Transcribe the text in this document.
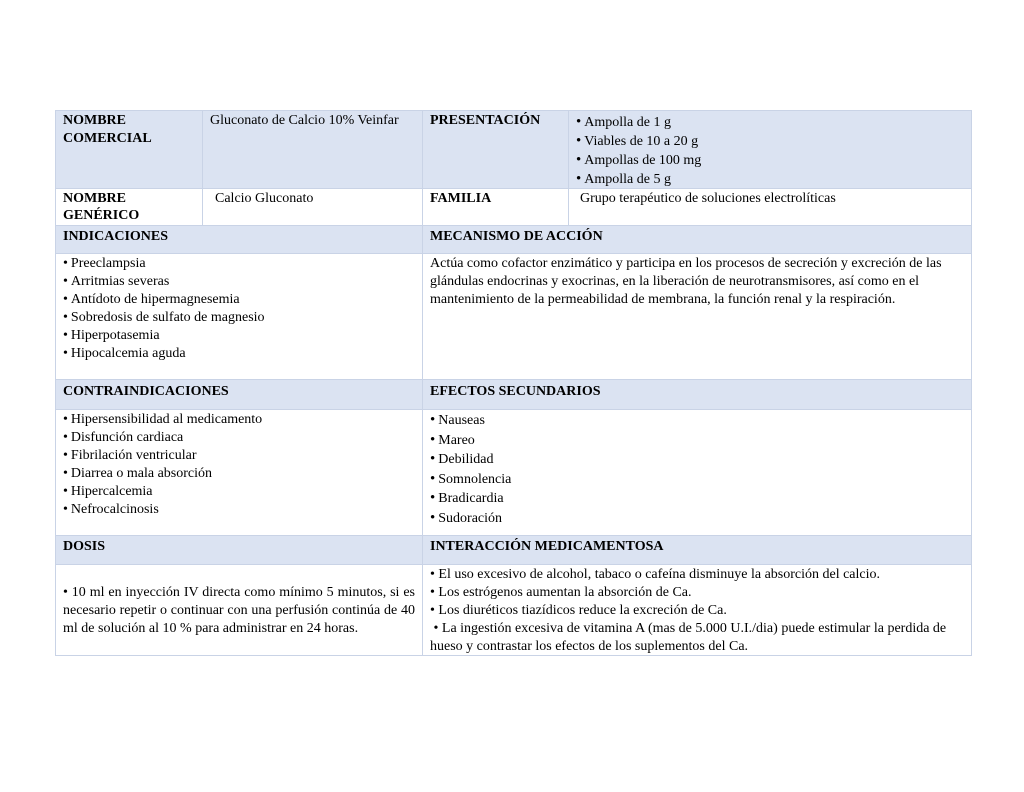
NOMBRE COMERCIAL
Gluconato de Calcio 10% Veinfar	PRESENTACIÓN
•	Ampolla de 1 g
• Viables de 10 a 20 g
• Ampollas de 100 mg
• Ampolla de 5 g
NOMBRE GENÉRICO
Calcio Gluconato	FAMILIA	Grupo terapéutico de soluciones electrolíticas
INDICACIONES	MECANISMO DE ACCIÓN
• Preeclampsia
• Arritmias severas
• Antídoto de hipermagnesemia
• Sobredosis de sulfato de magnesio
• Hiperpotasemia
• Hipocalcemia aguda
Actúa como cofactor enzimático y participa en los procesos de secreción y excreción de las glándulas endocrinas y exocrinas, en la liberación de neurotransmisores, así como en el mantenimiento de la permeabilidad de membrana, la función renal y la respiración.
CONTRAINDICACIONES	EFECTOS SECUNDARIOS
• Hipersensibilidad al medicamento
• Disfunción cardiaca
• Fibrilación ventricular
• Diarrea o mala absorción
• Hipercalcemia
• Nefrocalcinosis
• Nauseas
• Mareo
• Debilidad
• Somnolencia
• Bradicardia
• Sudoración
DOSIS	INTERACCIÓN MEDICAMENTOSA
• 10 ml en inyección IV directa como mínimo 5 minutos, si es necesario repetir o continuar con una perfusión continúa de 40 ml de solución al 10 % para administrar en 24 horas.
• El uso excesivo de alcohol, tabaco o cafeína disminuye la absorción del calcio.
• Los estrógenos aumentan la absorción de Ca.
• Los diuréticos tiazídicos reduce la excreción de Ca.
• La ingestión excesiva de vitamina A (mas de 5.000 U.I./dia) puede estimular la perdida de hueso y contrastar los efectos de los suplementos del Ca.
